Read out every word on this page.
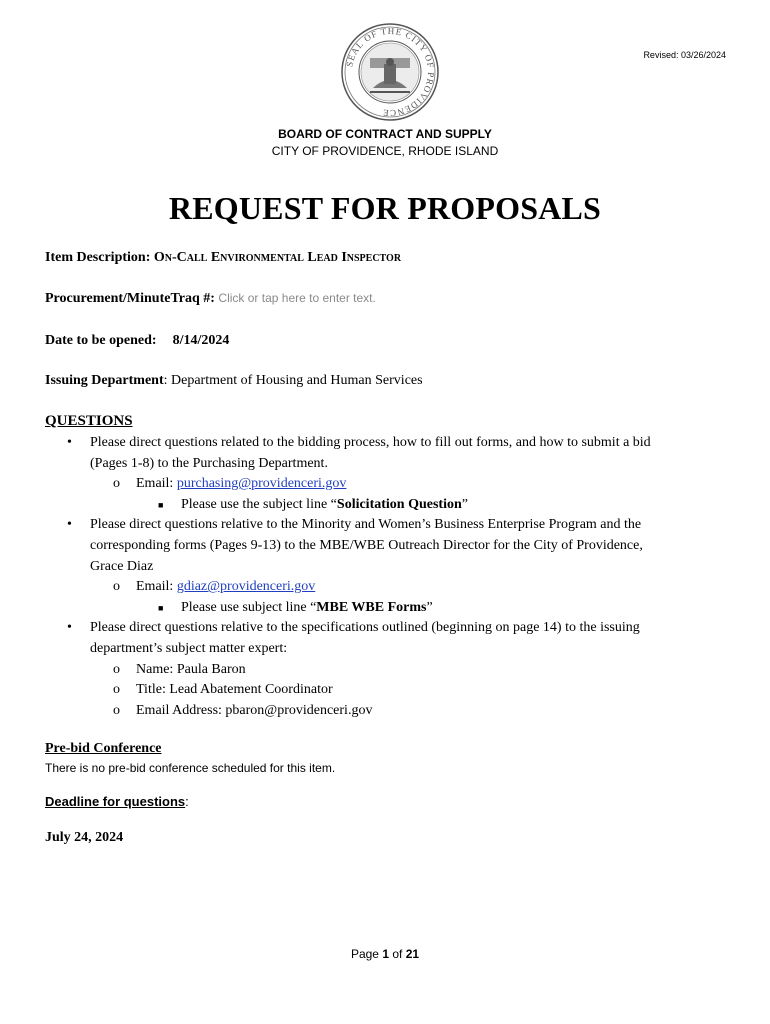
SEAL OF THE CITY OF PROVIDENCE
Revised: 03/26/2024
BOARD OF CONTRACT AND SUPPLY
CITY OF PROVIDENCE, RHODE ISLAND
REQUEST FOR PROPOSALS
Item Description: On-Call Environmental Lead Inspector
Procurement/MinuteTraq #: Click or tap here to enter text.
Date to be opened: 8/14/2024
Issuing Department: Department of Housing and Human Services
QUESTIONS
• Please direct questions related to the bidding process, how to fill out forms, and how to submit a bid
(Pages 1-8) to the Purchasing Department.
o Email: purchasing@providenceri.gov
■ Please use the subject line “Solicitation Question”
• Please direct questions relative to the Minority and Women’s Business Enterprise Program and the
corresponding forms (Pages 9-13) to the MBE/WBE Outreach Director for the City of Providence,
Grace Diaz
o Email: gdiaz@providenceri.gov
■ Please use subject line “MBE WBE Forms”
• Please direct questions relative to the specifications outlined (beginning on page 14) to the issuing
department’s subject matter expert:
o Name: Paula Baron
o Title: Lead Abatement Coordinator
o Email Address: pbaron@providenceri.gov
Pre-bid Conference
There is no pre-bid conference scheduled for this item.
Deadline for questions:
July 24, 2024
Page 1 of 21
